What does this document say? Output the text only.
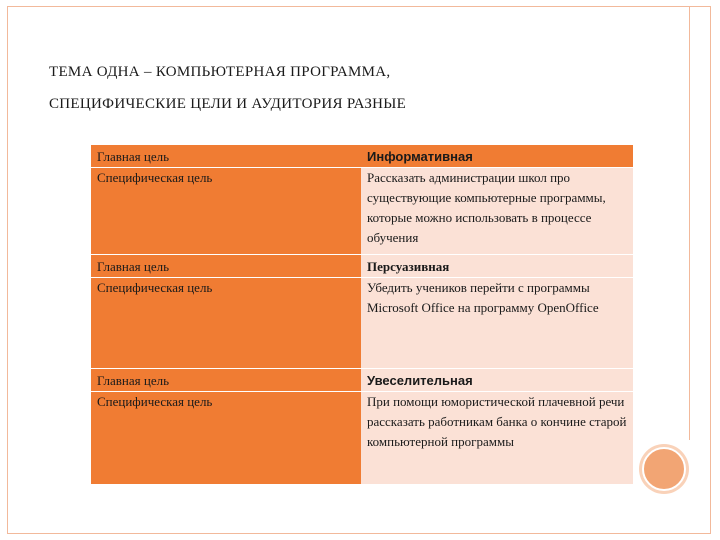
ТЕМА ОДНА – КОМПЬЮТЕРНАЯ ПРОГРАММА,
СПЕЦИФИЧЕСКИЕ ЦЕЛИ И АУДИТОРИЯ РАЗНЫЕ
Главная цель	Информативная
Специфическая цель	Рассказать администрации школ про существующие компьютерные программы, которые можно использовать в процессе обучения
Главная цель	Персуазивная
Специфическая цель	Убедить учеников перейти с программы Microsoft Office на программу OpenOffice
Главная цель	Увеселительная
Специфическая цель	При помощи юмористической плачевной речи рассказать работникам банка о кончине старой компьютерной программы
